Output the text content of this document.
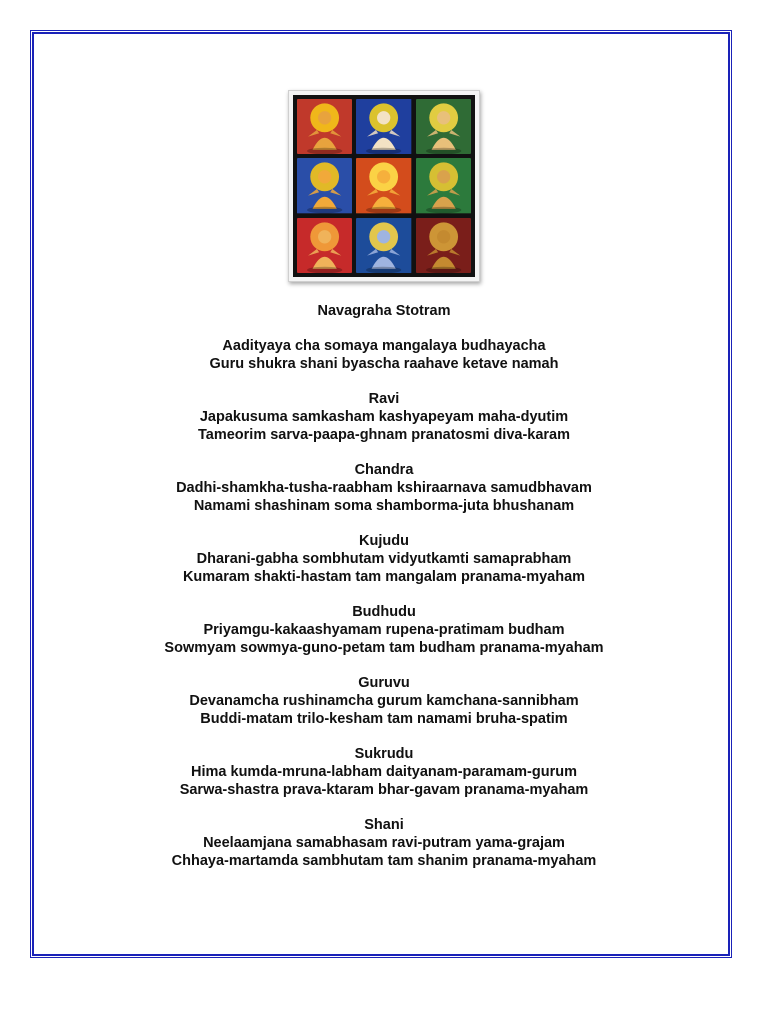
Navagraha Stotram
Aadityaya cha somaya mangalaya budhayacha
Guru shukra shani byascha raahave ketave namah
Ravi
Japakusuma samkasham kashyapeyam maha-dyutim
Tameorim sarva-paapa-ghnam pranatosmi diva-karam
Chandra
Dadhi-shamkha-tusha-raabham kshiraarnava samudbhavam
Namami shashinam soma shamborma-juta bhushanam
Kujudu
Dharani-gabha sombhutam vidyutkamti samaprabham
Kumaram shakti-hastam tam mangalam pranama-myaham
Budhudu
Priyamgu-kakaashyamam rupena-pratimam budham
Sowmyam sowmya-guno-petam tam budham pranama-myaham
Guruvu
Devanamcha rushinamcha gurum kamchana-sannibham
Buddi-matam trilo-kesham tam namami bruha-spatim
Sukrudu
Hima kumda-mruna-labham daityanam-paramam-gurum
Sarwa-shastra prava-ktaram bhar-gavam pranama-myaham
Shani
Neelaamjana samabhasam ravi-putram yama-grajam
Chhaya-martamda sambhutam tam shanim pranama-myaham
